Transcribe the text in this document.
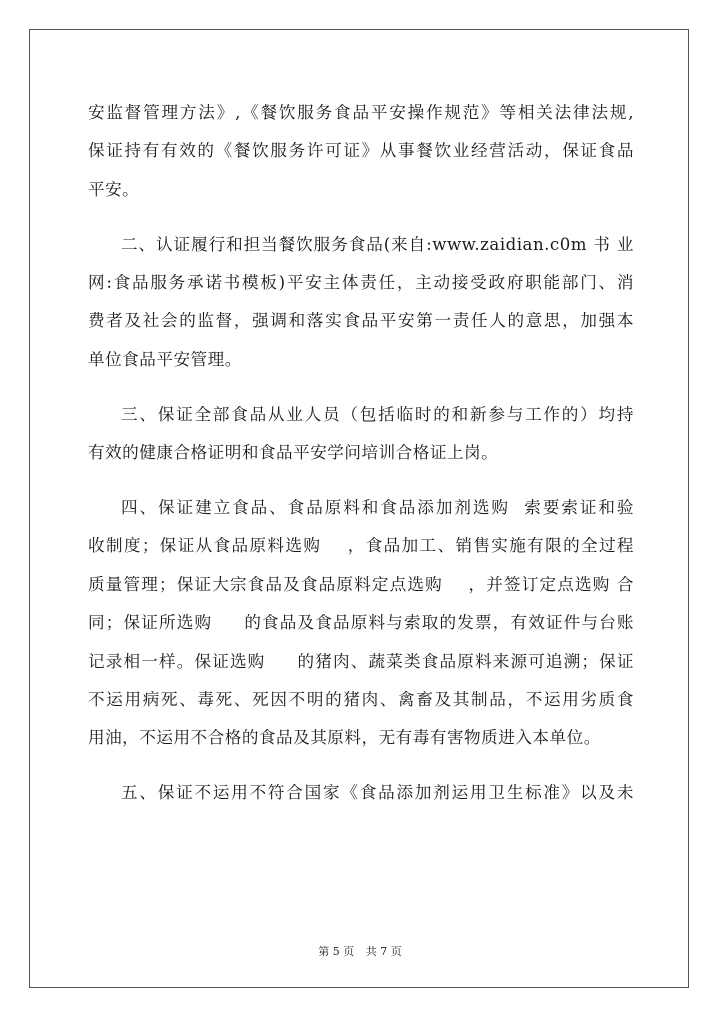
安监督管理方法》,《餐饮服务食品平安操作规范》等相关法律法规,
保证持有有效的《餐饮服务许可证》从事餐饮业经营活动，保证食品
平安。
二、认证履行和担当餐饮服务食品(来自:www.zaidian.c0m 书 业
网:食品服务承诺书模板)平安主体责任，主动接受政府职能部门、消
费者及社会的监督，强调和落实食品平安第一责任人的意思，加强本
单位食品平安管理。
三、保证全部食品从业人员（包括临时的和新参与工作的）均持
有效的健康合格证明和食品平安学问培训合格证上岗。
四、保证建立食品、食品原料和食品添加剂选购  索要索证和验
收制度；保证从食品原料选购    ，食品加工、销售实施有限的全过程
质量管理；保证大宗食品及食品原料定点选购    ，并签订定点选购 合
同；保证所选购     的食品及食品原料与索取的发票，有效证件与台账
记录相一样。保证选购     的猪肉、蔬菜类食品原料来源可追溯；保证
不运用病死、毒死、死因不明的猪肉、禽畜及其制品，不运用劣质食
用油，不运用不合格的食品及其原料，无有毒有害物质进入本单位。
五、保证不运用不符合国家《食品添加剂运用卫生标准》以及未
第 5 页 共 7 页
